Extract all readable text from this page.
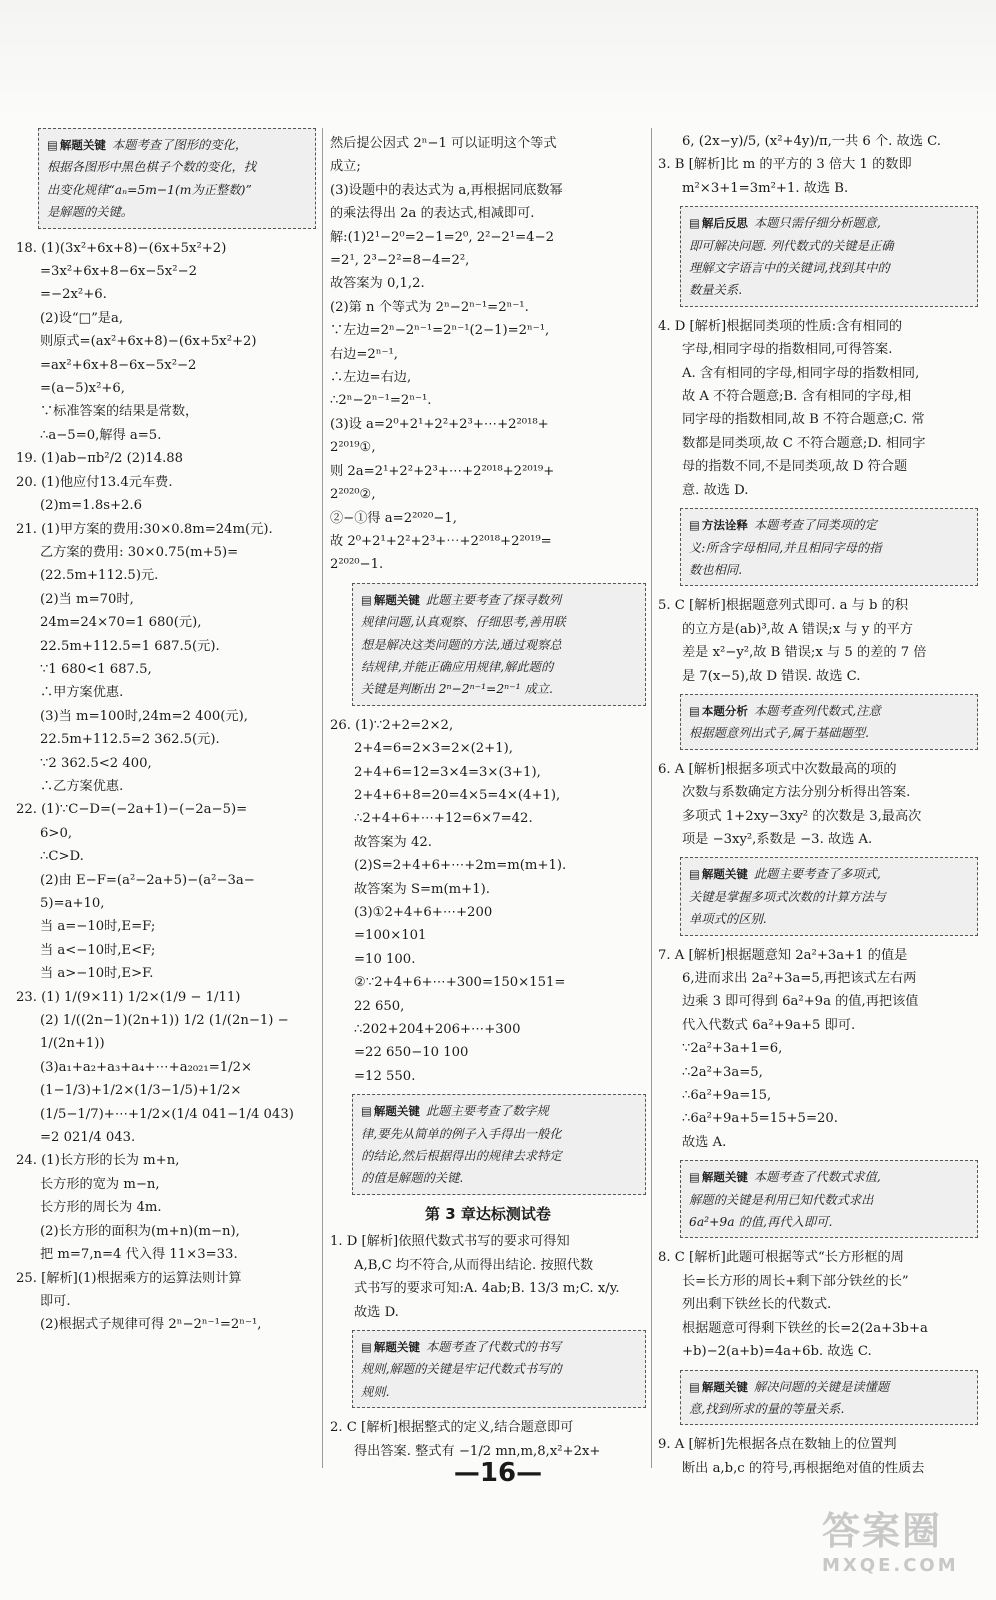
▤ 解题关键 本题考查了图形的变化，
根据各图形中黑色棋子个数的变化，找
出变化规律“aₙ=5m−1(m为正整数)”
是解题的关键。
18. (1)(3x²+6x+8)−(6x+5x²+2)
=3x²+6x+8−6x−5x²−2
=−2x²+6.
(2)设“□”是a,
则原式=(ax²+6x+8)−(6x+5x²+2)
=ax²+6x+8−6x−5x²−2
=(a−5)x²+6,
∵标准答案的结果是常数，
∴a−5=0,解得 a=5.
19. (1)ab−πb²/2 (2)14.88
20. (1)他应付13.4元车费.
(2)m=1.8s+2.6
21. (1)甲方案的费用:30×0.8m=24m(元).
乙方案的费用: 30×0.75(m+5)=
(22.5m+112.5)元.
(2)当 m=70时,
24m=24×70=1 680(元),
22.5m+112.5=1 687.5(元).
∵1 680<1 687.5,
∴甲方案优惠.
(3)当 m=100时,24m=2 400(元),
22.5m+112.5=2 362.5(元).
∵2 362.5<2 400,
∴乙方案优惠.
22. (1)∵C−D=(−2a+1)−(−2a−5)=
6>0,
∴C>D.
(2)由 E−F=(a²−2a+5)−(a²−3a−
5)=a+10,
当 a=−10时,E=F;
当 a<−10时,E<F;
当 a>−10时,E>F.
23. (1) 1/(9×11) 1/2×(1/9 − 1/11)
(2) 1/((2n−1)(2n+1)) 1/2 (1/(2n−1) −
1/(2n+1))
(3)a₁+a₂+a₃+a₄+⋯+a₂₀₂₁=1/2×
(1−1/3)+1/2×(1/3−1/5)+1/2×
(1/5−1/7)+⋯+1/2×(1/4 041−1/4 043)
=2 021/4 043.
24. (1)长方形的长为 m+n,
长方形的宽为 m−n,
长方形的周长为 4m.
(2)长方形的面积为(m+n)(m−n),
把 m=7,n=4 代入得 11×3=33.
25. [解析](1)根据乘方的运算法则计算
即可.
(2)根据式子规律可得 2ⁿ−2ⁿ⁻¹=2ⁿ⁻¹,
然后提公因式 2ⁿ−1 可以证明这个等式
成立;
(3)设题中的表达式为 a,再根据同底数幂
的乘法得出 2a 的表达式,相减即可.
解:(1)2¹−2⁰=2−1=2⁰, 2²−2¹=4−2
=2¹, 2³−2²=8−4=2²,
故答案为 0,1,2.
(2)第 n 个等式为 2ⁿ−2ⁿ⁻¹=2ⁿ⁻¹.
∵左边=2ⁿ−2ⁿ⁻¹=2ⁿ⁻¹(2−1)=2ⁿ⁻¹,
右边=2ⁿ⁻¹,
∴左边=右边,
∴2ⁿ−2ⁿ⁻¹=2ⁿ⁻¹.
(3)设 a=2⁰+2¹+2²+2³+⋯+2²⁰¹⁸+
2²⁰¹⁹①,
则 2a=2¹+2²+2³+⋯+2²⁰¹⁸+2²⁰¹⁹+
2²⁰²⁰②,
②−①得 a=2²⁰²⁰−1,
故 2⁰+2¹+2²+2³+⋯+2²⁰¹⁸+2²⁰¹⁹=
2²⁰²⁰−1.
▤ 解题关键 此题主要考查了探寻数列
规律问题,认真观察、仔细思考,善用联
想是解决这类问题的方法,通过观察总
结规律,并能正确应用规律,解此题的
关键是判断出 2ⁿ−2ⁿ⁻¹=2ⁿ⁻¹ 成立.
26. (1)∵2+2=2×2,
2+4=6=2×3=2×(2+1),
2+4+6=12=3×4=3×(3+1),
2+4+6+8=20=4×5=4×(4+1),
∴2+4+6+⋯+12=6×7=42.
故答案为 42.
(2)S=2+4+6+⋯+2m=m(m+1).
故答案为 S=m(m+1).
(3)①2+4+6+⋯+200
=100×101
=10 100.
②∵2+4+6+⋯+300=150×151=
22 650,
∴202+204+206+⋯+300
=22 650−10 100
=12 550.
▤ 解题关键 此题主要考查了数字规
律,要先从简单的例子入手得出一般化
的结论,然后根据得出的规律去求特定
的值是解题的关键.
第 3 章达标测试卷
1. D [解析]依照代数式书写的要求可得知
A,B,C 均不符合,从而得出结论. 按照代数
式书写的要求可知:A. 4ab;B. 13/3 m;C. x/y.
故选 D.
▤ 解题关键 本题考查了代数式的书写
规则,解题的关键是牢记代数式书写的
规则.
2. C [解析]根据整式的定义,结合题意即可
得出答案. 整式有 −1/2 mn,m,8,x²+2x+
6, (2x−y)/5, (x²+4y)/π,一共 6 个. 故选 C.
3. B [解析]比 m 的平方的 3 倍大 1 的数即
m²×3+1=3m²+1. 故选 B.
▤ 解后反思 本题只需仔细分析题意,
即可解决问题. 列代数式的关键是正确
理解文字语言中的关键词,找到其中的
数量关系.
4. D [解析]根据同类项的性质:含有相同的
字母,相同字母的指数相同,可得答案.
A. 含有相同的字母,相同字母的指数相同,
故 A 不符合题意;B. 含有相同的字母,相
同字母的指数相同,故 B 不符合题意;C. 常
数都是同类项,故 C 不符合题意;D. 相同字
母的指数不同,不是同类项,故 D 符合题
意. 故选 D.
▤ 方法诠释 本题考查了同类项的定
义:所含字母相同,并且相同字母的指
数也相同.
5. C [解析]根据题意列式即可. a 与 b 的积
的立方是(ab)³,故 A 错误;x 与 y 的平方
差是 x²−y²,故 B 错误;x 与 5 的差的 7 倍
是 7(x−5),故 D 错误. 故选 C.
▤ 本题分析 本题考查列代数式,注意
根据题意列出式子,属于基础题型.
6. A [解析]根据多项式中次数最高的项的
次数与系数确定方法分别分析得出答案.
多项式 1+2xy−3xy² 的次数是 3,最高次
项是 −3xy²,系数是 −3. 故选 A.
▤ 解题关键 此题主要考查了多项式,
关键是掌握多项式次数的计算方法与
单项式的区别.
7. A [解析]根据题意知 2a²+3a+1 的值是
6,进而求出 2a²+3a=5,再把该式左右两
边乘 3 即可得到 6a²+9a 的值,再把该值
代入代数式 6a²+9a+5 即可.
∵2a²+3a+1=6,
∴2a²+3a=5,
∴6a²+9a=15,
∴6a²+9a+5=15+5=20.
故选 A.
▤ 解题关键 本题考查了代数式求值,
解题的关键是利用已知代数式求出
6a²+9a 的值,再代入即可.
8. C [解析]此题可根据等式“长方形框的周
长=长方形的周长+剩下部分铁丝的长”
列出剩下铁丝长的代数式.
根据题意可得剩下铁丝的长=2(2a+3b+a
+b)−2(a+b)=4a+6b. 故选 C.
▤ 解题关键 解决问题的关键是读懂题
意,找到所求的量的等量关系.
9. A [解析]先根据各点在数轴上的位置判
断出 a,b,c 的符号,再根据绝对值的性质去
—16—
答案圈
MXQE.COM
